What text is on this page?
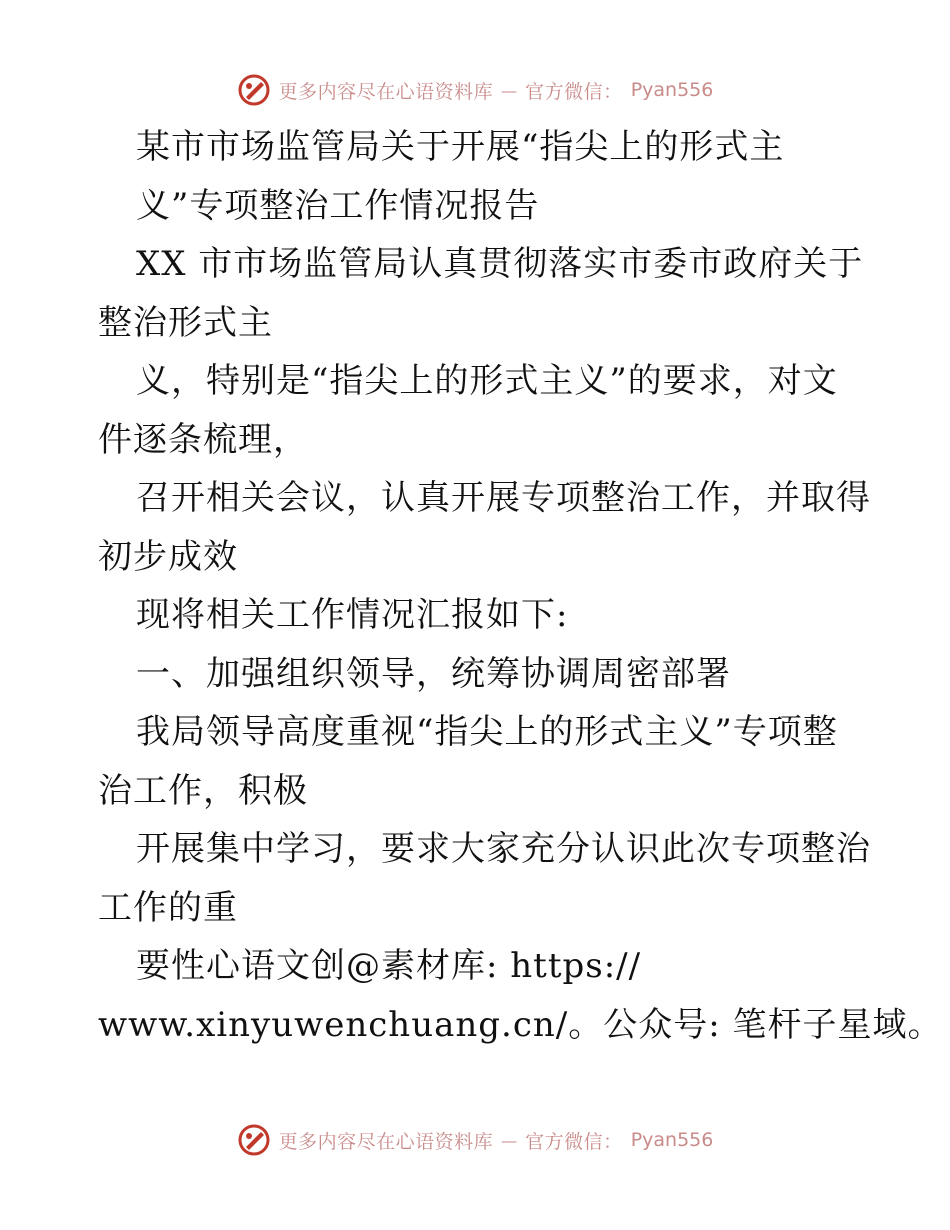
更多内容尽在心语资料库 — 官方微信： Pyan556
某市市场监管局关于开展“指尖上的形式主
义”专项整治工作情况报告
XX 市市场监管局认真贯彻落实市委市政府关于
整治形式主
义，特别是“指尖上的形式主义”的要求，对文
件逐条梳理，
召开相关会议，认真开展专项整治工作，并取得
初步成效
现将相关工作情况汇报如下:
一、加强组织领导，统筹协调周密部署
我局领导高度重视“指尖上的形式主义”专项整
治工作，积极
开展集中学习，要求大家充分认识此次专项整治
工作的重
要性心语文创@素材库: https://
www.xinyuwenchuang.cn/。公众号: 笔杆子星域。
更多内容尽在心语资料库 — 官方微信： Pyan556
